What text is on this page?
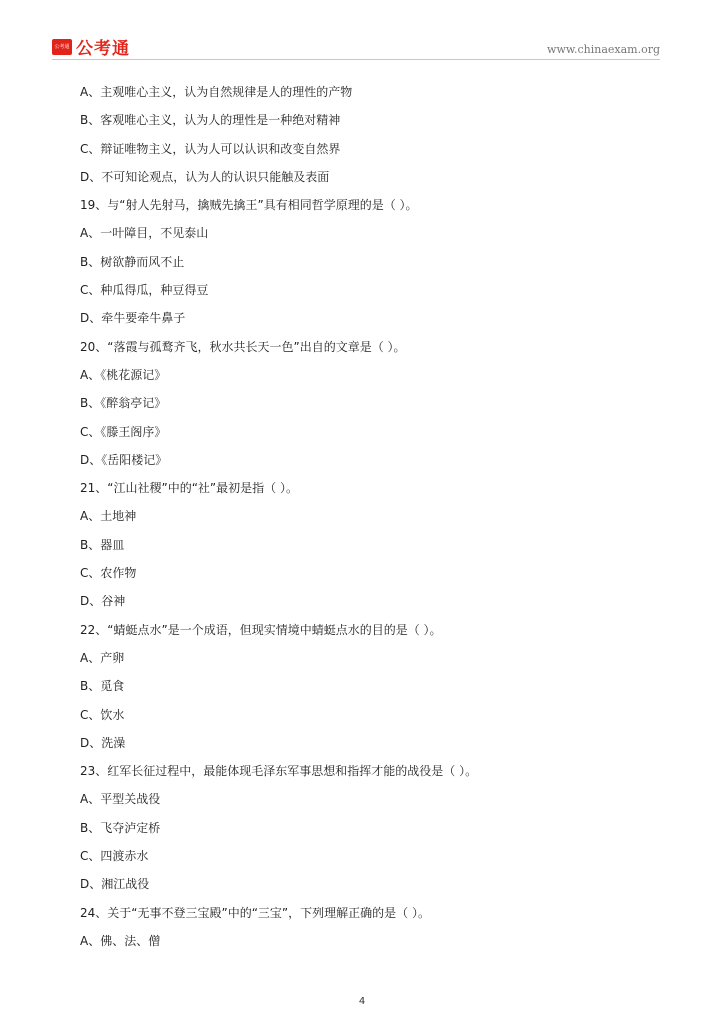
公考通 公考通	www.chinaexam.org
A、主观唯心主义，认为自然规律是人的理性的产物
B、客观唯心主义，认为人的理性是一种绝对精神
C、辩证唯物主义，认为人可以认识和改变自然界
D、不可知论观点，认为人的认识只能触及表面
19、与“射人先射马，擒贼先擒王”具有相同哲学原理的是（ ）。
A、一叶障目，不见泰山
B、树欲静而风不止
C、种瓜得瓜，种豆得豆
D、牵牛要牵牛鼻子
20、“落霞与孤鹜齐飞，秋水共长天一色”出自的文章是（ ）。
A、《桃花源记》
B、《醉翁亭记》
C、《滕王阁序》
D、《岳阳楼记》
21、“江山社稷”中的“社”最初是指（ ）。
A、土地神
B、器皿
C、农作物
D、谷神
22、“蜻蜓点水”是一个成语，但现实情境中蜻蜓点水的目的是（ ）。
A、产卵
B、觅食
C、饮水
D、洗澡
23、红军长征过程中，最能体现毛泽东军事思想和指挥才能的战役是（ ）。
A、平型关战役
B、飞夺泸定桥
C、四渡赤水
D、湘江战役
24、关于“无事不登三宝殿”中的“三宝”，下列理解正确的是（ ）。
A、佛、法、僧
4
